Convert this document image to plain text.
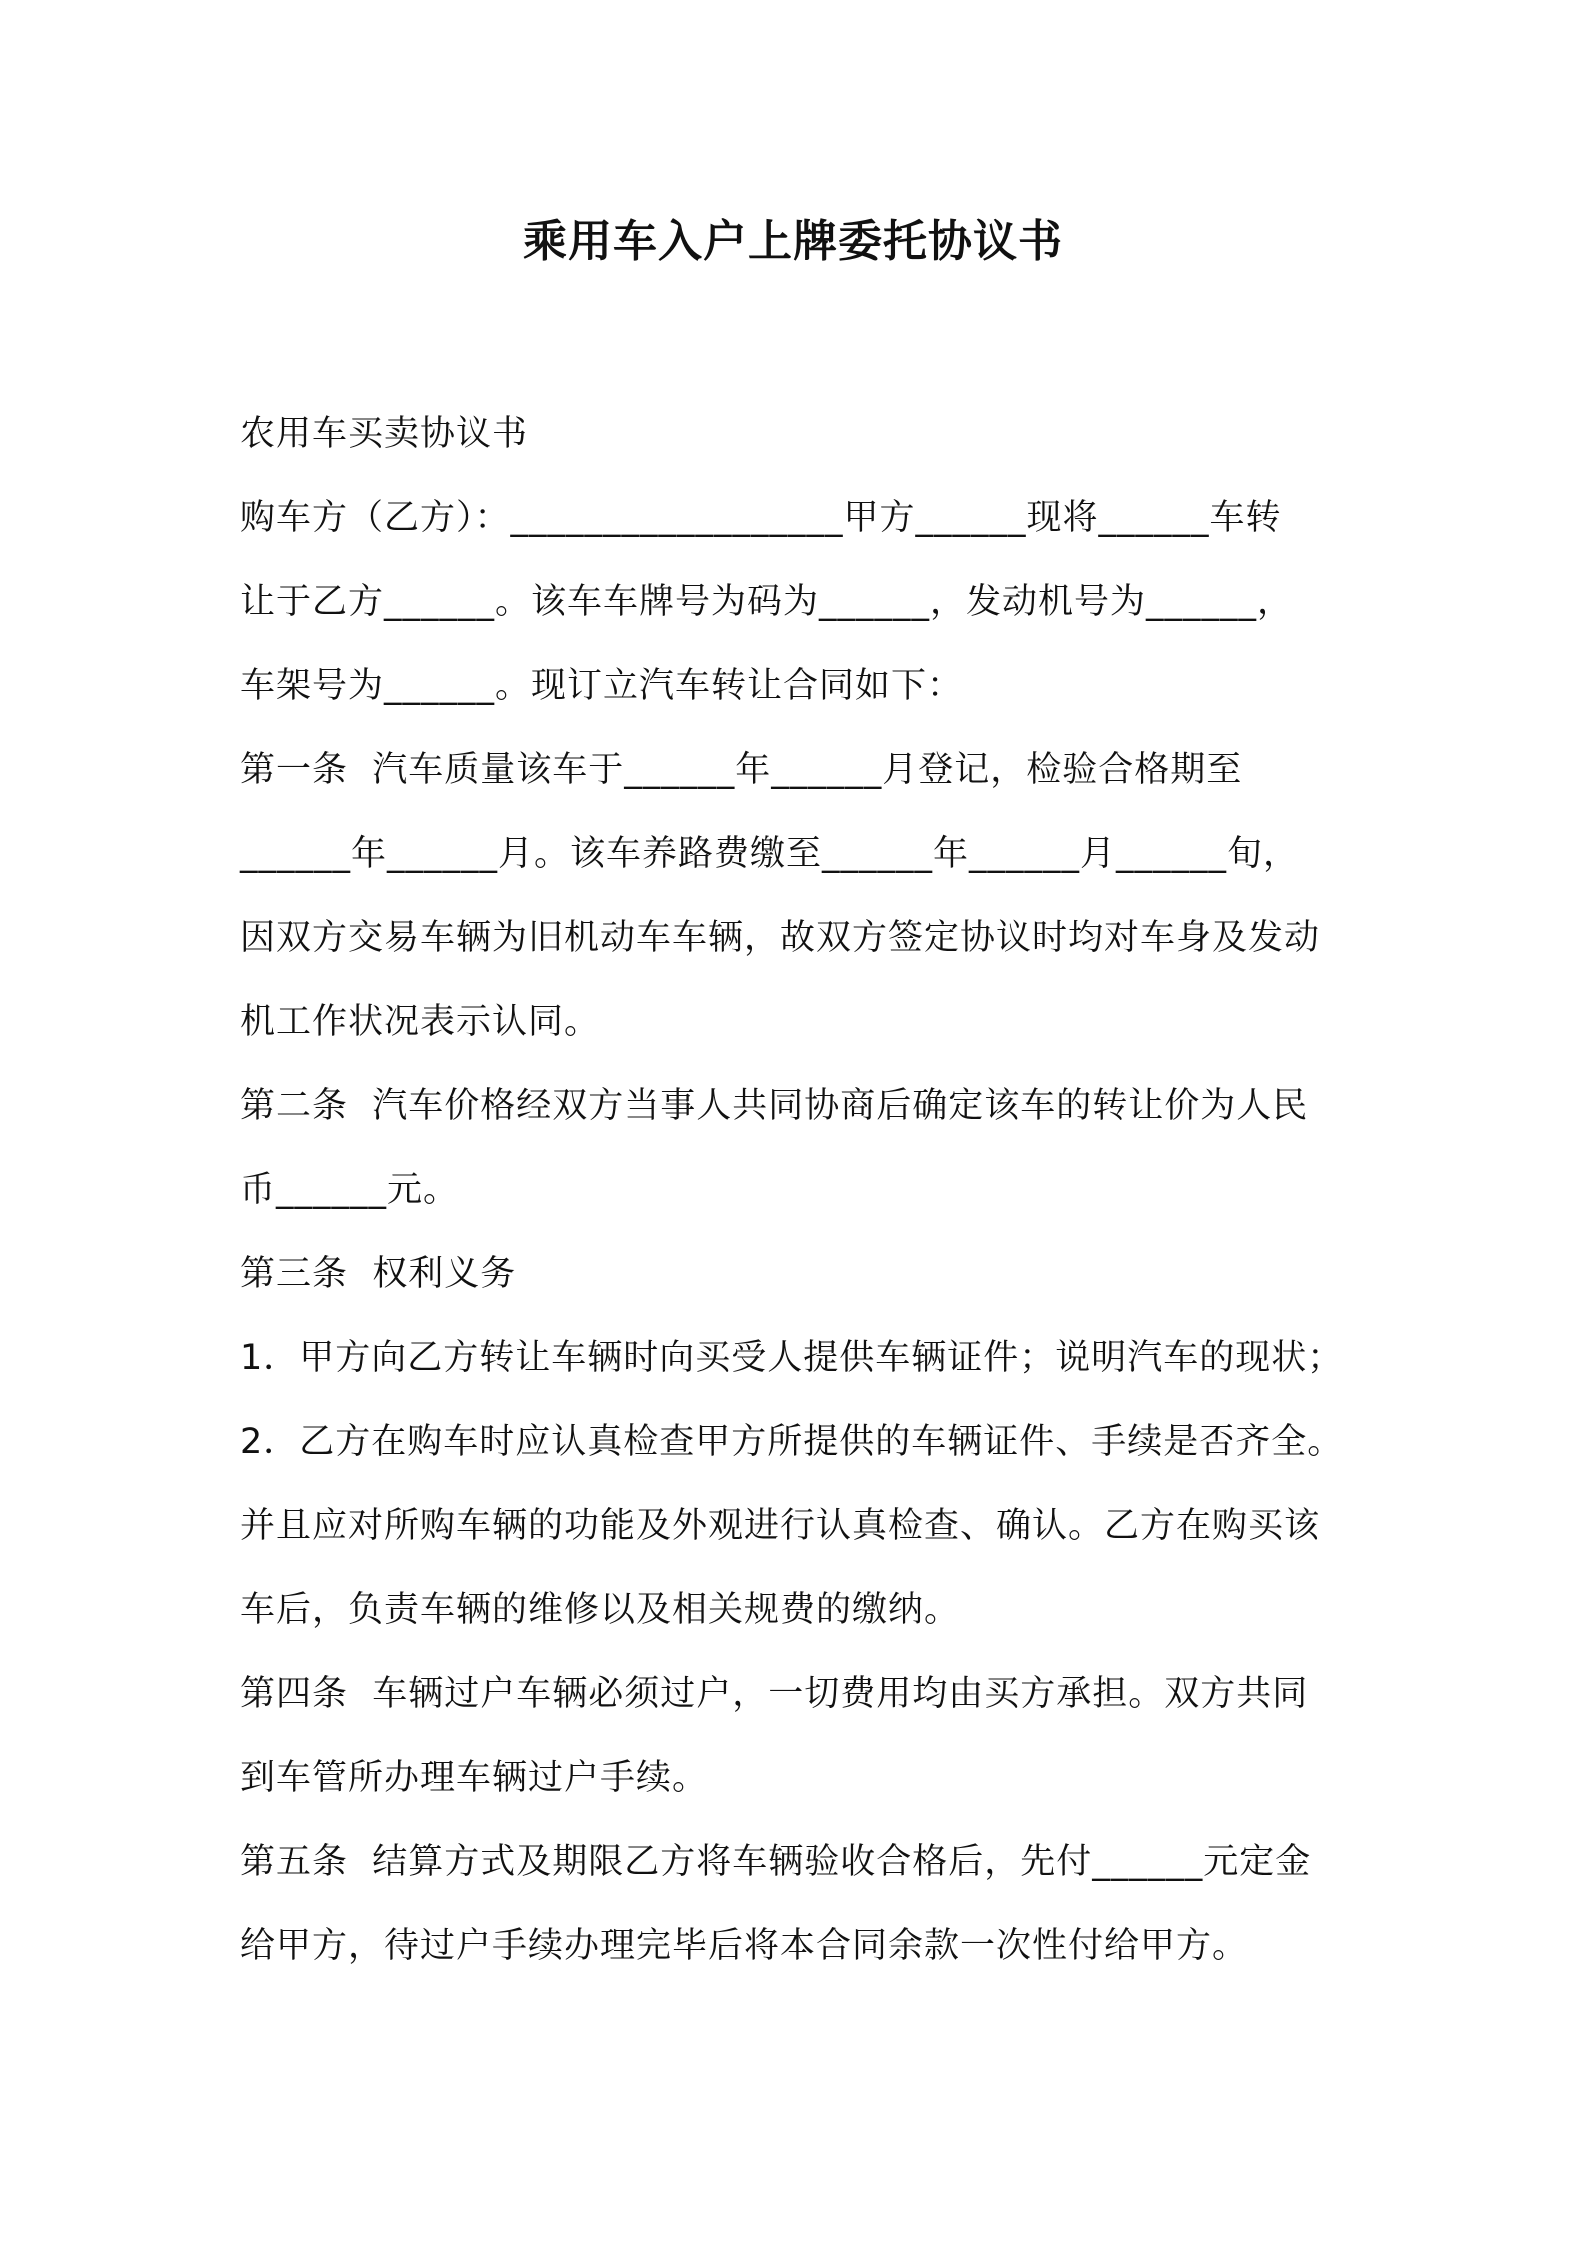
乘用车入户上牌委托协议书
农用车买卖协议书
购车方（乙方）：__________________甲方______现将______车转
让于乙方______。该车车牌号为码为______，发动机号为______，
车架号为______。现订立汽车转让合同如下：
第一条  汽车质量该车于______年______月登记，检验合格期至
______年______月。该车养路费缴至______年______月______旬，
因双方交易车辆为旧机动车车辆，故双方签定协议时均对车身及发动
机工作状况表示认同。
第二条  汽车价格经双方当事人共同协商后确定该车的转让价为人民
币______元。
第三条  权利义务
1．甲方向乙方转让车辆时向买受人提供车辆证件；说明汽车的现状；
2．乙方在购车时应认真检查甲方所提供的车辆证件、手续是否齐全。
并且应对所购车辆的功能及外观进行认真检查、确认。乙方在购买该
车后，负责车辆的维修以及相关规费的缴纳。
第四条  车辆过户车辆必须过户，一切费用均由买方承担。双方共同
到车管所办理车辆过户手续。
第五条  结算方式及期限乙方将车辆验收合格后，先付______元定金
给甲方，待过户手续办理完毕后将本合同余款一次性付给甲方。
